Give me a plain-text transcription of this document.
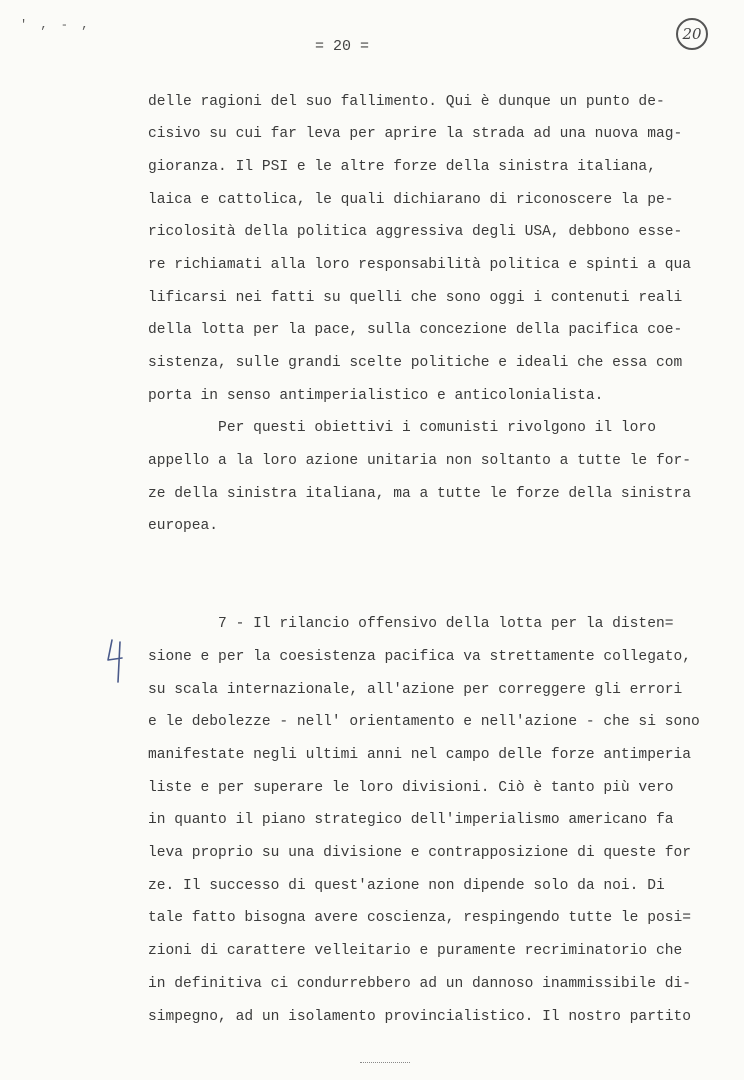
' , - ,
= 20 =
20
delle ragioni del suo fallimento. Qui è dunque un punto de-
cisivo su cui far leva per aprire la strada ad una nuova mag-
gioranza. Il PSI e le altre forze della sinistra italiana,
laica e cattolica, le quali dichiarano di riconoscere la pe-
ricolosità della politica aggressiva degli USA, debbono esse-
re richiamati alla loro responsabilità politica e spinti a qua
lificarsi nei fatti su quelli che sono oggi i contenuti reali
della lotta per la pace, sulla concezione della pacifica coe-
sistenza, sulle grandi scelte politiche e ideali che essa com
porta in senso antimperialistico e anticolonialista.
Per questi obiettivi i comunisti rivolgono il loro
appello a la loro azione unitaria non soltanto a tutte le for-
ze della sinistra italiana, ma a tutte le forze della sinistra
europea.
7 - Il rilancio offensivo della lotta per la disten=
sione e per la coesistenza pacifica va strettamente collegato,
su scala internazionale, all'azione per correggere gli errori
e le debolezze - nell' orientamento e nell'azione - che si sono
manifestate negli ultimi anni nel campo delle forze antimperia
liste e per superare le loro divisioni. Ciò è tanto più vero
in quanto il piano strategico dell'imperialismo americano fa
leva proprio su una divisione e contrapposizione di queste for
ze. Il successo di quest'azione non dipende solo da noi. Di
tale fatto bisogna avere coscienza, respingendo tutte le posi=
zioni di carattere velleitario e puramente recriminatorio che
in definitiva ci condurrebbero ad un dannoso inammissibile di-
simpegno, ad un isolamento provincialistico. Il nostro partito
